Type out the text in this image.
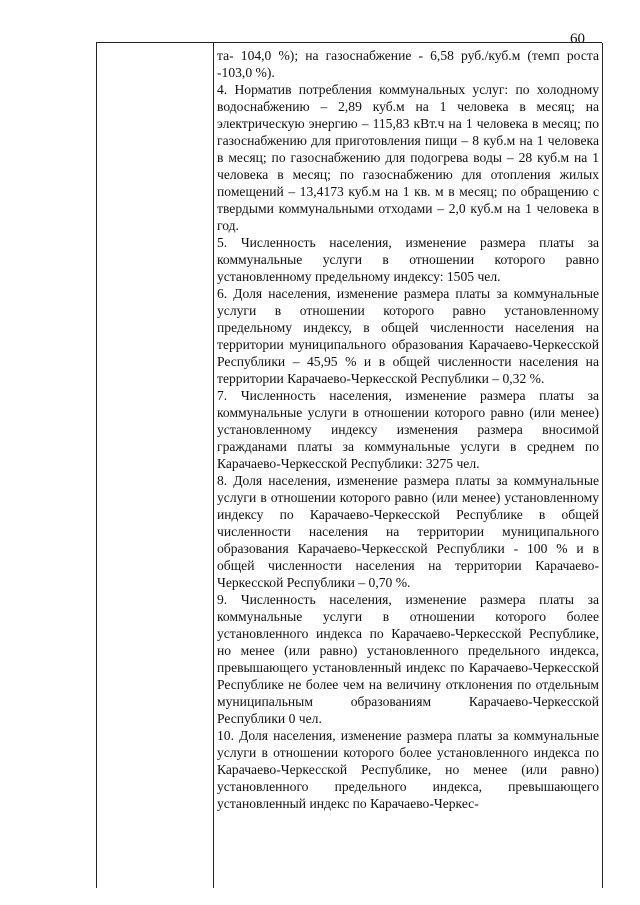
60

та- 104,0 %); на газоснабжение - 6,58 руб./куб.м (темп роста -103,0 %).

4. Норматив потребления коммунальных услуг: по холодному водоснабжению – 2,89 куб.м на 1 человека в месяц; на электрическую энергию – 115,83 кВт.ч на 1 человека в месяц; по газоснабжению для приготовления пищи – 8 куб.м на 1 человека в месяц; по газоснабжению для подогрева воды – 28 куб.м на 1 человека в месяц; по газоснабжению для отопления жилых помещений – 13,4173 куб.м на 1 кв. м в месяц; по обращению с твердыми коммунальными отходами – 2,0 куб.м на 1 человека в год.

5. Численность населения, изменение размера платы за коммунальные услуги в отношении которого равно установленному предельному индексу: 1505 чел.

6. Доля населения, изменение размера платы за коммунальные услуги в отношении которого равно установленному предельному индексу, в общей численности населения на территории муниципального образования Карачаево-Черкесской Республики – 45,95 % и в общей численности населения на территории Карачаево-Черкесской Республики – 0,32 %.

7. Численность населения, изменение размера платы за коммунальные услуги в отношении которого равно (или менее) установленному индексу изменения размера вносимой гражданами платы за коммунальные услуги в среднем по Карачаево-Черкесской Республики: 3275 чел.

8. Доля населения, изменение размера платы за коммунальные услуги в отношении которого равно (или менее) установленному индексу по Карачаево-Черкесской Республике в общей численности населения на территории муниципального образования Карачаево-Черкесской Республики - 100 % и в общей численности населения на территории Карачаево-Черкесской Республики – 0,70 %.

9. Численность населения, изменение размера платы за коммунальные услуги в отношении которого более установленного индекса по Карачаево-Черкесской Республике, но менее (или равно) установленного предельного индекса, превышающего установленный индекс по Карачаево-Черкесской Республике не более чем на величину отклонения по отдельным муниципальным образованиям Карачаево-Черкесской Республики 0 чел.

10. Доля населения, изменение размера платы за коммунальные услуги в отношении которого более установленного индекса по Карачаево-Черкесской Республике, но менее (или равно) установленного предельного индекса, превышающего установленный индекс по Карачаево-Черкес-
